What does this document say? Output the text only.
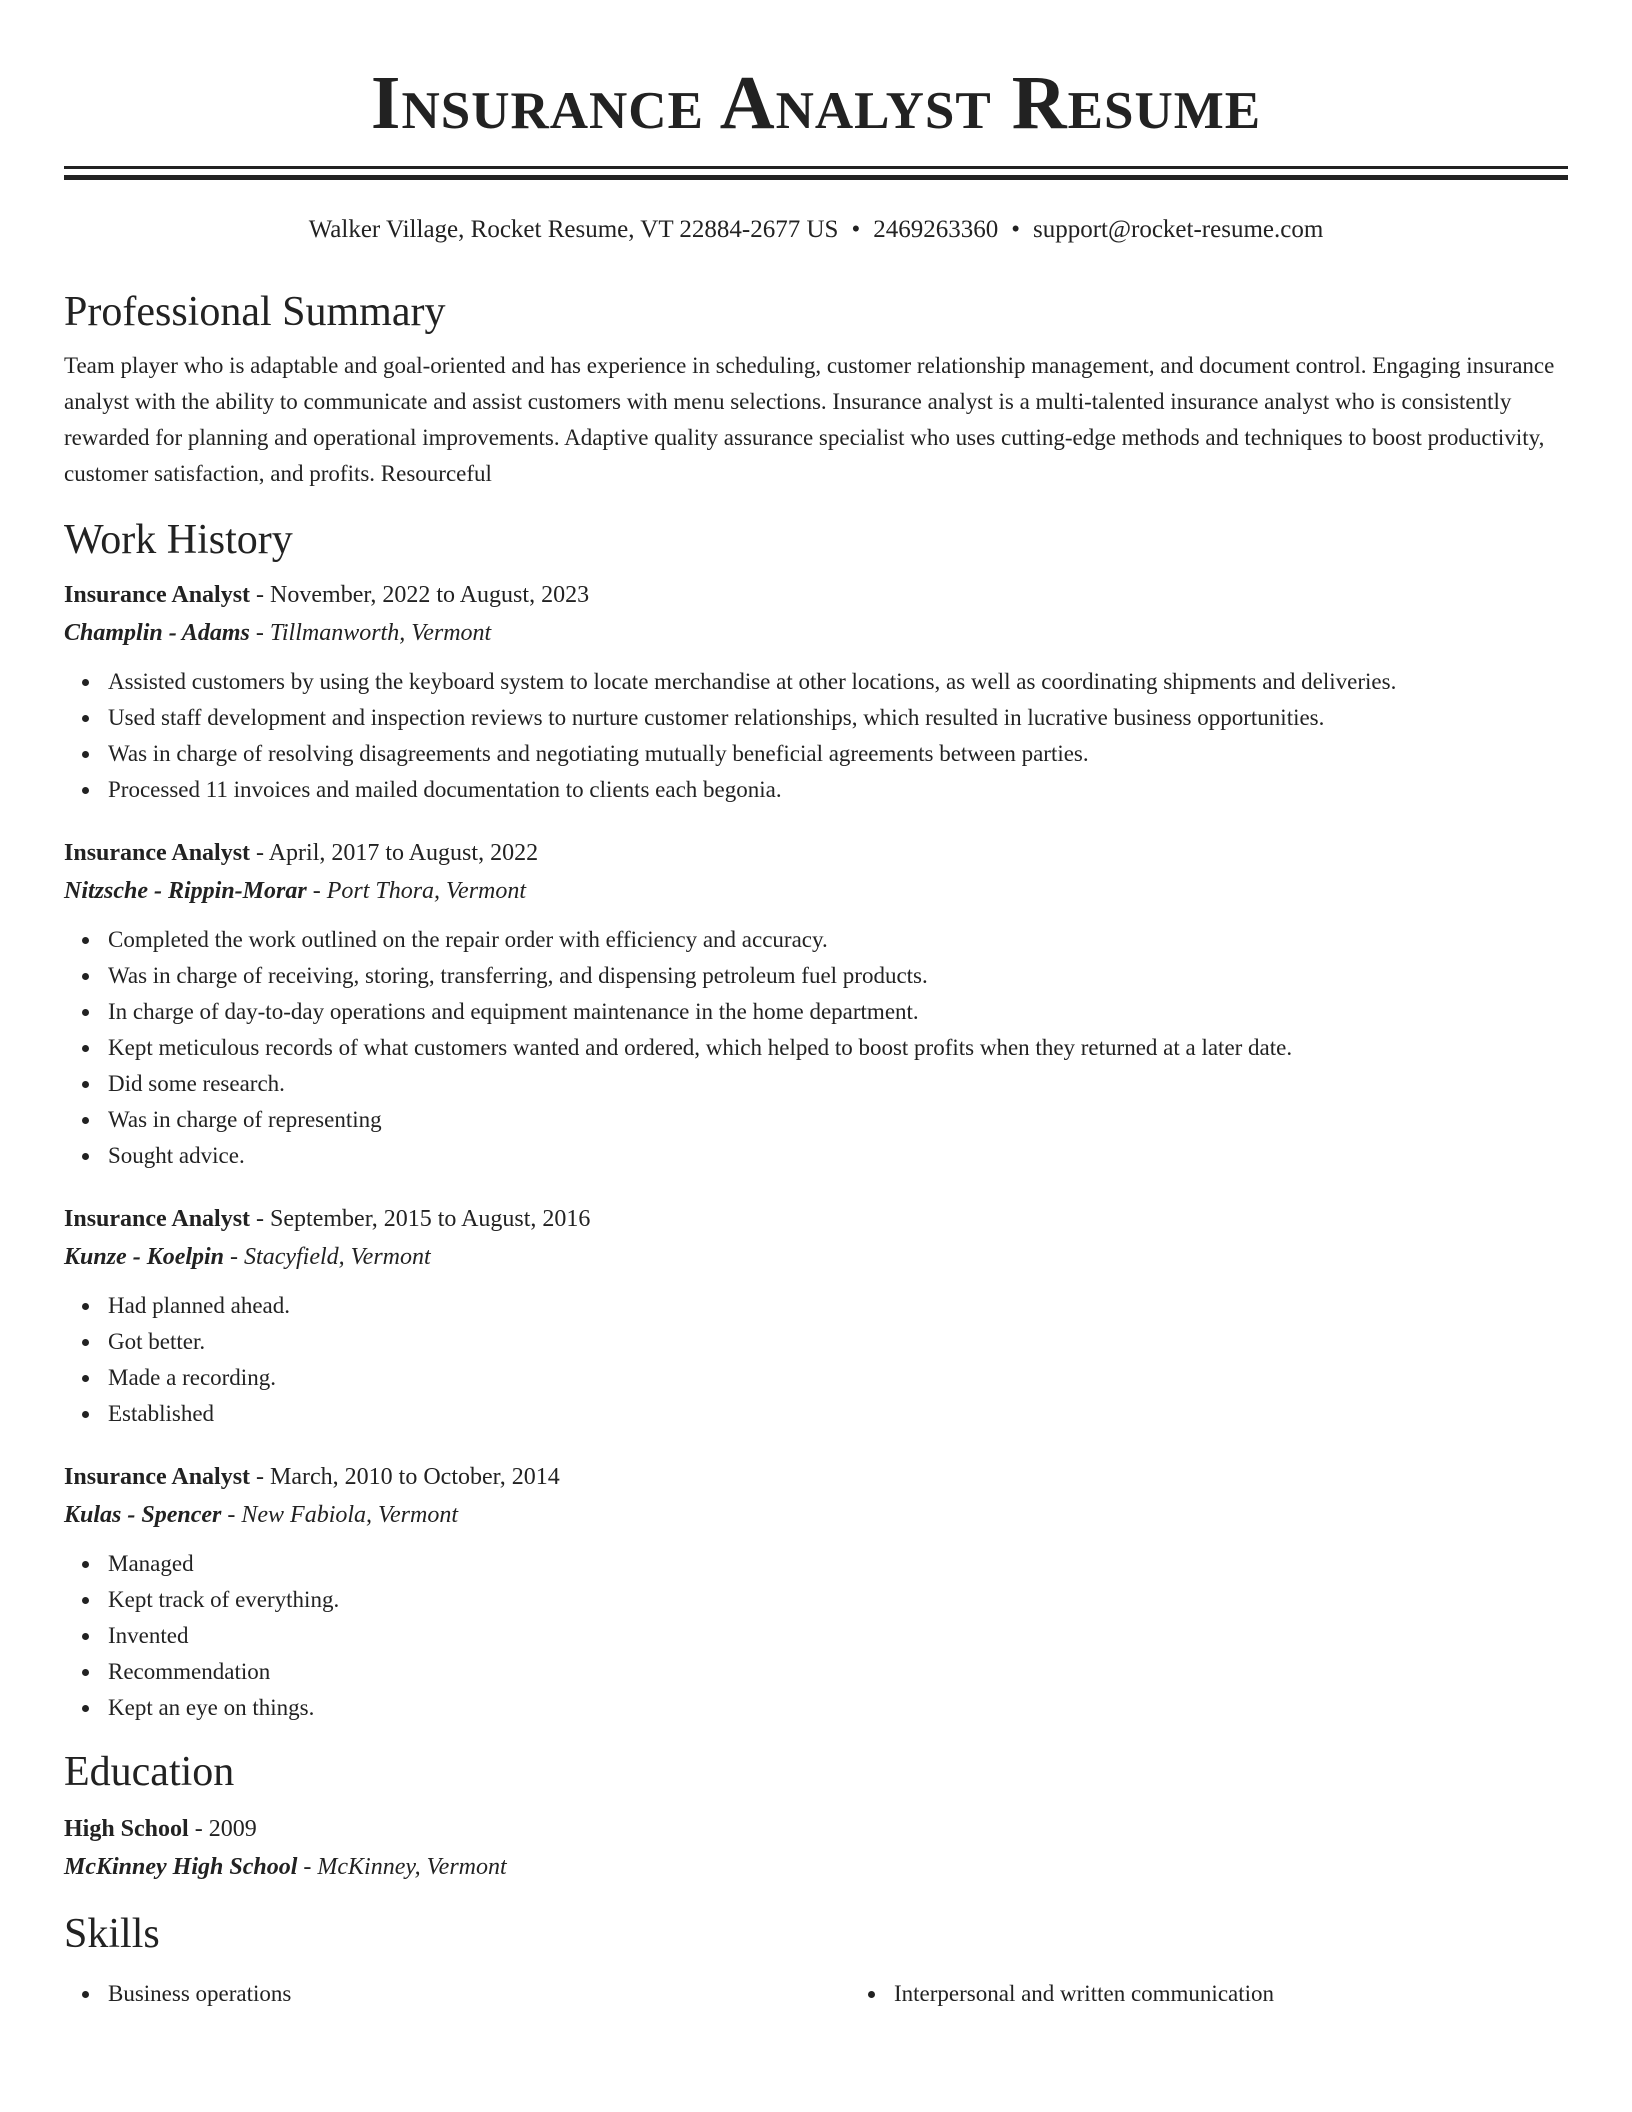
Insurance Analyst Resume
Walker Village, Rocket Resume, VT 22884-2677 US • 2469263360 • support@rocket-resume.com
Professional Summary

Team player who is adaptable and goal-oriented and has experience in scheduling, customer relationship management, and document control. Engaging insurance analyst with the ability to communicate and assist customers with menu selections. Insurance analyst is a multi-talented insurance analyst who is consistently rewarded for planning and operational improvements. Adaptive quality assurance specialist who uses cutting-edge methods and techniques to boost productivity, customer satisfaction, and profits. Resourceful

Work History
Insurance Analyst - November, 2022 to August, 2023
Champlin - Adams - Tillmanworth, Vermont
Assisted customers by using the keyboard system to locate merchandise at other locations, as well as coordinating shipments and deliveries.
Used staff development and inspection reviews to nurture customer relationships, which resulted in lucrative business opportunities.
Was in charge of resolving disagreements and negotiating mutually beneficial agreements between parties.
Processed 11 invoices and mailed documentation to clients each begonia.
Insurance Analyst - April, 2017 to August, 2022
Nitzsche - Rippin-Morar - Port Thora, Vermont
Completed the work outlined on the repair order with efficiency and accuracy.
Was in charge of receiving, storing, transferring, and dispensing petroleum fuel products.
In charge of day-to-day operations and equipment maintenance in the home department.
Kept meticulous records of what customers wanted and ordered, which helped to boost profits when they returned at a later date.
Did some research.
Was in charge of representing
Sought advice.
Insurance Analyst - September, 2015 to August, 2016
Kunze - Koelpin - Stacyfield, Vermont
Had planned ahead.
Got better.
Made a recording.
Established
Insurance Analyst - March, 2010 to October, 2014
Kulas - Spencer - New Fabiola, Vermont
Managed
Kept track of everything.
Invented
Recommendation
Kept an eye on things.
Education
High School - 2009
McKinney High School - McKinney, Vermont
Skills
Business operations	Interpersonal and written communication
